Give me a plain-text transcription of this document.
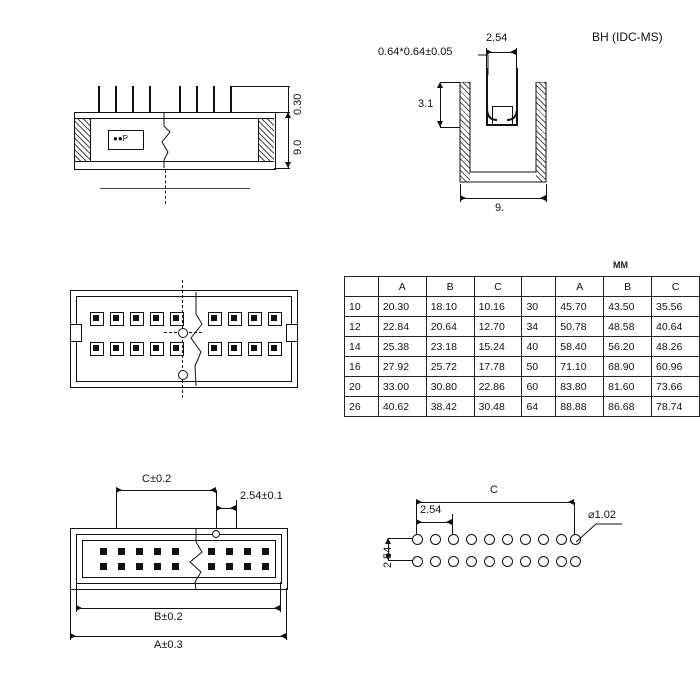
BH (IDC-MS)
MM
●●P
0.30
9.0
2.54
0.64*0.64±0.05
3.1
9.
C±0.2
2.54±0.1
B±0.2
A±0.3
C
2.54
2.54
⌀1.02
	A	B	C		A	B	C
10	20.30	18.10	10.16	30	45.70	43.50	35.56
12	22.84	20.64	12.70	34	50.78	48.58	40.64
14	25.38	23.18	15.24	40	58.40	56.20	48.26
16	27.92	25.72	17.78	50	71.10	68.90	60.96
20	33.00	30.80	22.86	60	83.80	81.60	73.66
26	40.62	38.42	30.48	64	88.88	86.68	78.74
